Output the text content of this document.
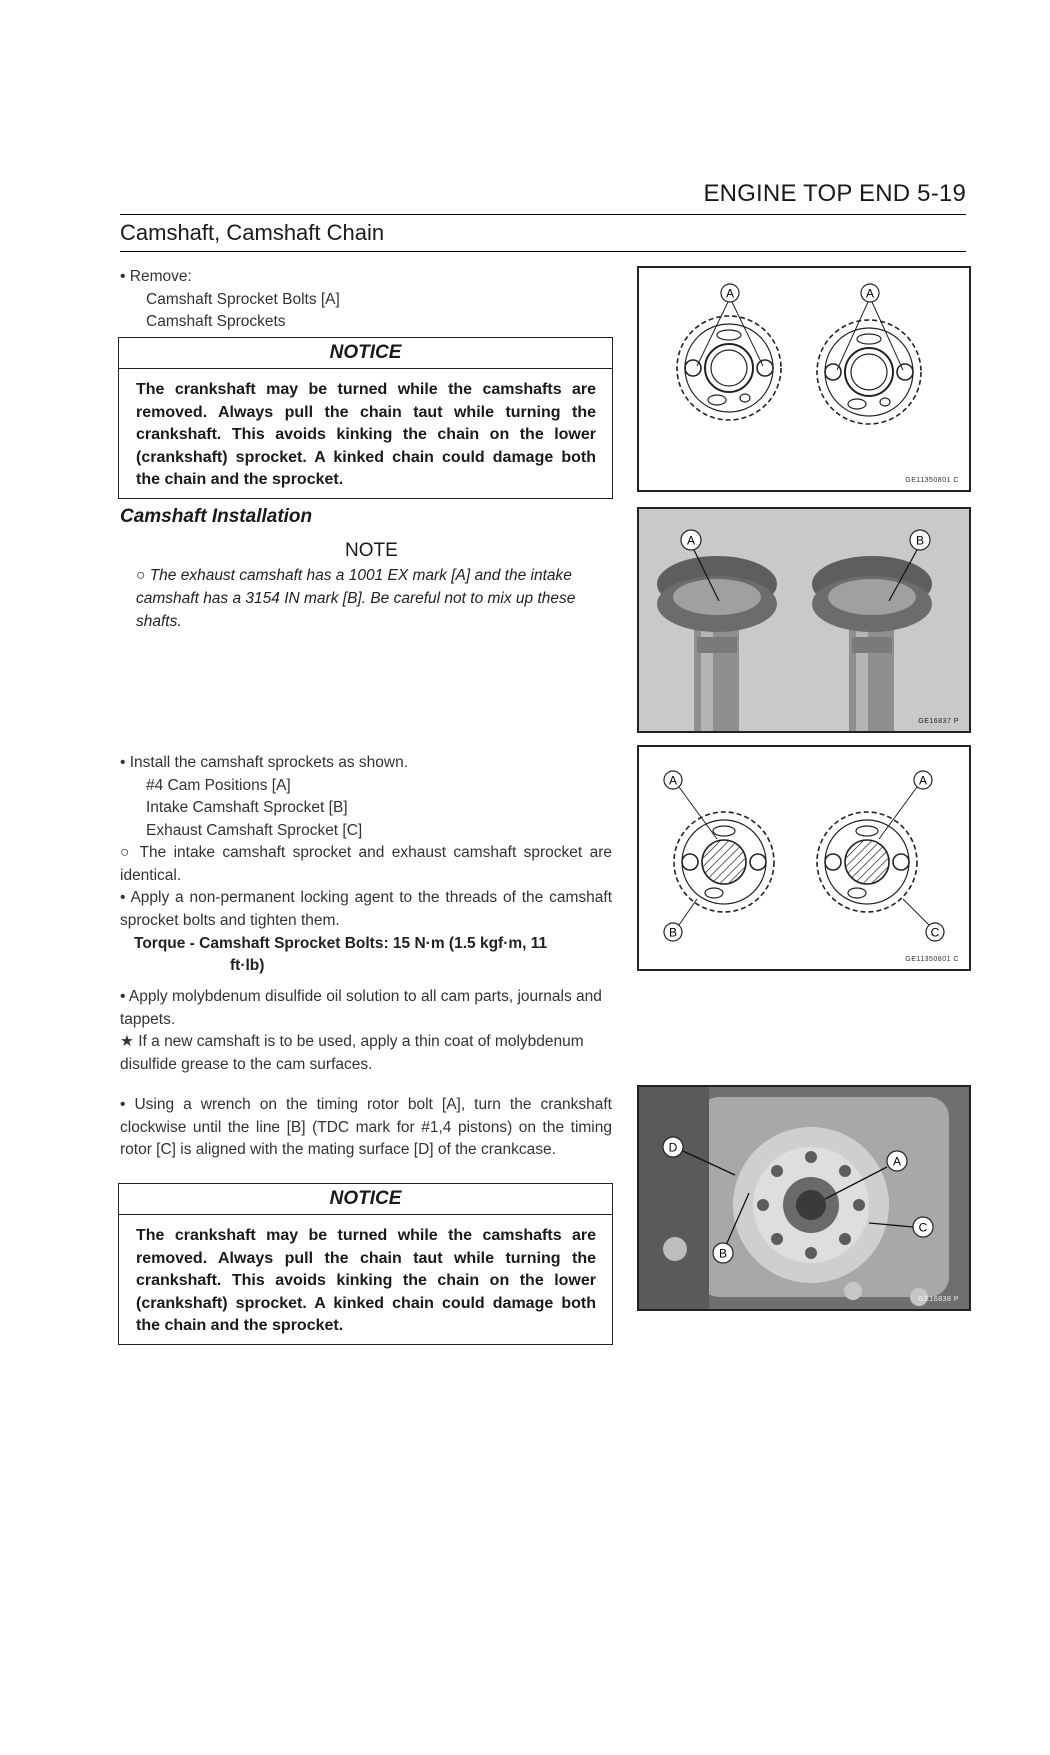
ENGINE TOP END 5-19
Camshaft, Camshaft Chain
• Remove:
Camshaft Sprocket Bolts [A]
Camshaft Sprockets
NOTICE
The crankshaft may be turned while the camshafts are removed. Always pull the chain taut while turning the crankshaft. This avoids kinking the chain on the lower (crankshaft) sprocket. A kinked chain could damage both the chain and the sprocket.
Camshaft Installation
NOTE
○ The exhaust camshaft has a 1001 EX mark [A] and the intake camshaft has a 3154 IN mark [B]. Be careful not to mix up these shafts.
• Install the camshaft sprockets as shown.
#4 Cam Positions [A]
Intake Camshaft Sprocket [B]
Exhaust Camshaft Sprocket [C]
○ The intake camshaft sprocket and exhaust camshaft sprocket are identical.
• Apply a non-permanent locking agent to the threads of the camshaft sprocket bolts and tighten them.
Torque - Camshaft Sprocket Bolts: 15 N·m (1.5 kgf·m, 11
ft·lb)
• Apply molybdenum disulfide oil solution to all cam parts, journals and tappets.
★ If a new camshaft is to be used, apply a thin coat of molybdenum disulfide grease to the cam surfaces.
• Using a wrench on the timing rotor bolt [A], turn the crankshaft clockwise until the line [B] (TDC mark for #1,4 pistons) on the timing rotor [C] is aligned with the mating surface [D] of the crankcase.
NOTICE
The crankshaft may be turned while the camshafts are removed. Always pull the chain taut while turning the crankshaft. This avoids kinking the chain on the lower (crankshaft) sprocket. A kinked chain could damage both the chain and the sprocket.
A	A
GE11350801 C
A	B
GE16837 P
A	A
B	C
GE11350801 C
D
A
C
B
GE16838 P
